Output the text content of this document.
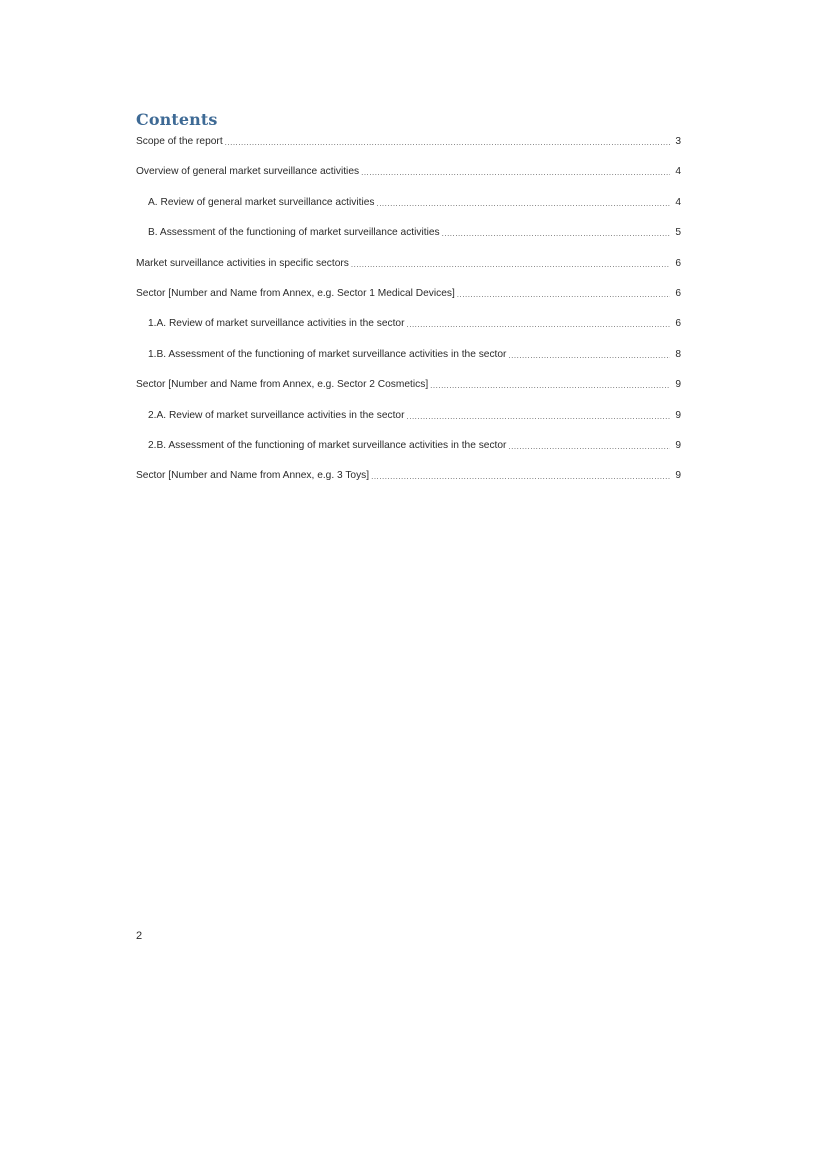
Contents
Scope of the report .....	3
Overview of general market surveillance activities .....	4
A. Review of general market surveillance activities .....	4
B. Assessment of the functioning of market surveillance activities .....	5
Market surveillance activities in specific sectors .....	6
Sector [Number and Name from Annex, e.g. Sector 1 Medical Devices] .....	6
1.A. Review of market surveillance activities in the sector .....	6
1.B. Assessment of the functioning of market surveillance activities in the sector .....	8
Sector [Number and Name from Annex, e.g. Sector 2 Cosmetics] .....	9
2.A. Review of market surveillance activities in the sector .....	9
2.B. Assessment of the functioning of market surveillance activities in the sector .....	9
Sector [Number and Name from Annex, e.g. 3 Toys] .....	9
2
